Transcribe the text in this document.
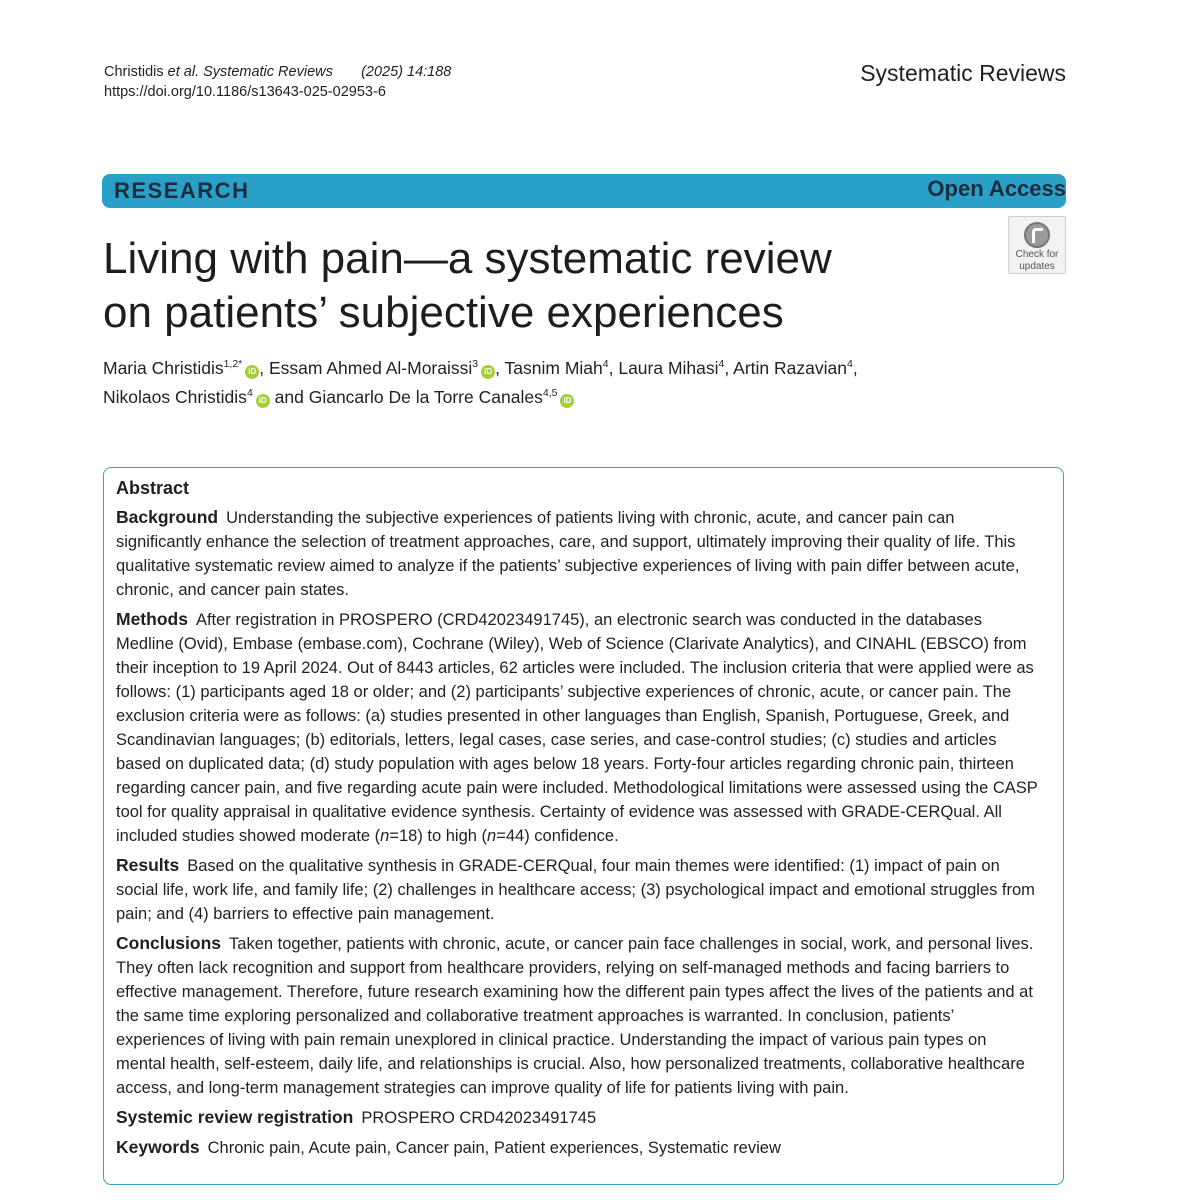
Christidis et al. Systematic Reviews (2025) 14:188
https://doi.org/10.1186/s13643-025-02953-6
Systematic Reviews
RESEARCH	Open Access
Check for
updates
Living with pain—a systematic review
on patients’ subjective experiences
Maria Christidis$^{1,2*}$iD , Essam Ahmed Al-Moraissi$^3$iD , Tasnim Miah$^4$, Laura Mihasi$^4$, Artin Razavian$^4$,
Nikolaos Christidis$^4$iD and Giancarlo De la Torre Canales$^{4,5}$iD
Abstract

Background Understanding the subjective experiences of patients living with chronic, acute, and cancer pain can significantly enhance the selection of treatment approaches, care, and support, ultimately improving their quality of life. This qualitative systematic review aimed to analyze if the patients’ subjective experiences of living with pain differ between acute, chronic, and cancer pain states.

Methods After registration in PROSPERO (CRD42023491745), an electronic search was conducted in the databases Medline (Ovid), Embase (embase.com), Cochrane (Wiley), Web of Science (Clarivate Analytics), and CINAHL (EBSCO) from their inception to 19 April 2024. Out of 8443 articles, 62 articles were included. The inclusion criteria that were applied were as follows: (1) participants aged 18 or older; and (2) participants’ subjective experiences of chronic, acute, or cancer pain. The exclusion criteria were as follows: (a) studies presented in other languages than English, Spanish, Portuguese, Greek, and Scandinavian languages; (b) editorials, letters, legal cases, case series, and case-control studies; (c) studies and articles based on duplicated data; (d) study population with ages below 18 years. Forty-four articles regarding chronic pain, thirteen regarding cancer pain, and five regarding acute pain were included. Methodological limitations were assessed using the CASP tool for quality appraisal in qualitative evidence synthesis. Certainty of evidence was assessed with GRADE-CERQual. All included studies showed moderate (n=18) to high (n=44) confidence.

Results Based on the qualitative synthesis in GRADE-CERQual, four main themes were identified: (1) impact of pain on social life, work life, and family life; (2) challenges in healthcare access; (3) psychological impact and emotional struggles from pain; and (4) barriers to effective pain management.

Conclusions Taken together, patients with chronic, acute, or cancer pain face challenges in social, work, and personal lives. They often lack recognition and support from healthcare providers, relying on self-managed methods and facing barriers to effective management. Therefore, future research examining how the different pain types affect the lives of the patients and at the same time exploring personalized and collaborative treatment approaches is warranted. In conclusion, patients’ experiences of living with pain remain unexplored in clinical practice. Understanding the impact of various pain types on mental health, self-esteem, daily life, and relationships is crucial. Also, how personalized treatments, collaborative healthcare access, and long-term management strategies can improve quality of life for patients living with pain.

Systemic review registration PROSPERO CRD42023491745

Keywords Chronic pain, Acute pain, Cancer pain, Patient experiences, Systematic review
